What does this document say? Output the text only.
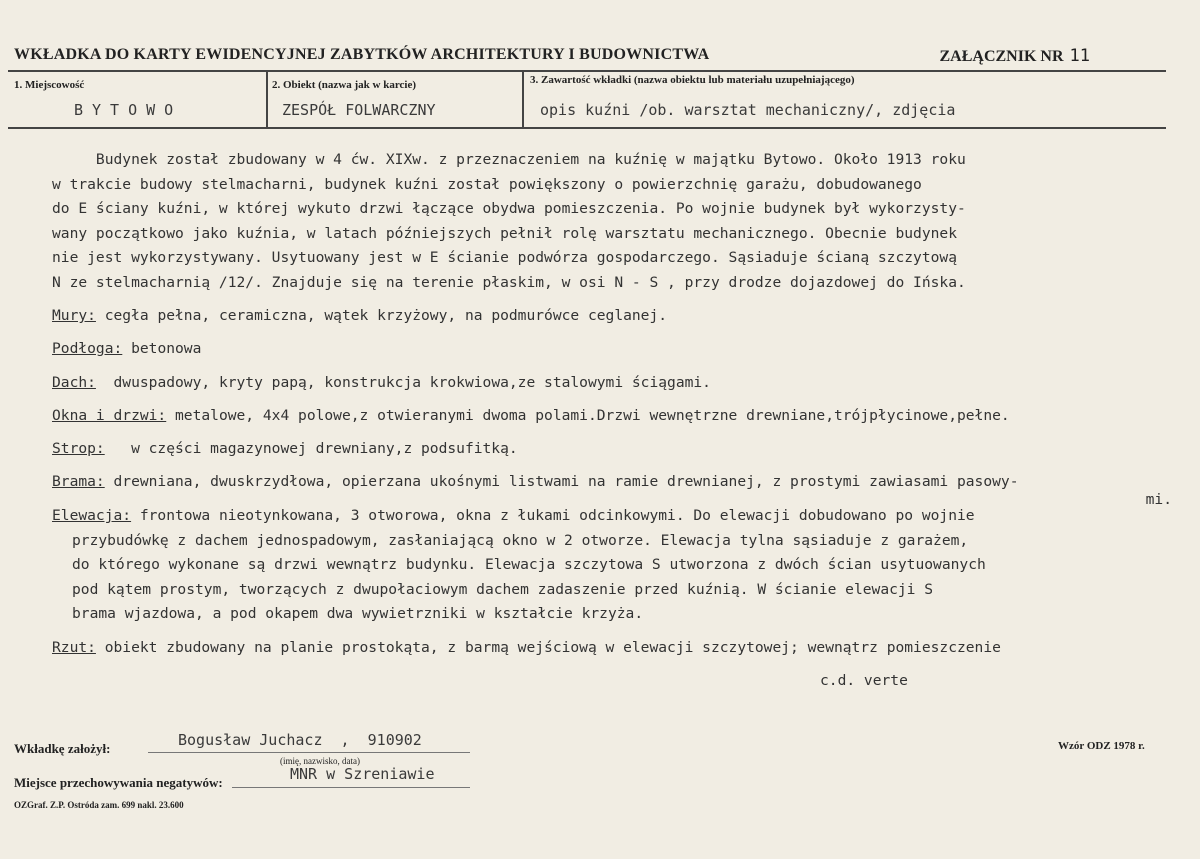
WKŁADKA DO KARTY EWIDENCYJNEJ ZABYTKÓW ARCHITEKTURY I BUDOWNICTWA	ZAŁĄCZNIK NR 11
1. Miejscowość
BYTOWO
2. Obiekt (nazwa jak w karcie)
ZESPÓŁ FOLWARCZNY
3. Zawartość wkładki (nazwa obiektu lub materiału uzupełniającego)
opis kuźni /ob. warsztat mechaniczny/, zdjęcia
Budynek został zbudowany w 4 ćw. XIXw. z przeznaczeniem na kuźnię w majątku Bytowo. Około 1913 roku
w trakcie budowy stelmacharni, budynek kuźni został powiększony o powierzchnię garażu, dobudowanego
do E ściany kuźni, w której wykuto drzwi łączące obydwa pomieszczenia. Po wojnie budynek był wykorzysty-
wany początkowo jako kuźnia, w latach późniejszych pełnił rolę warsztatu mechanicznego. Obecnie budynek
nie jest wykorzystywany. Usytuowany jest w E ścianie podwórza gospodarczego. Sąsiaduje ścianą szczytową
N ze stelmacharnią /12/. Znajduje się na terenie płaskim, w osi N - S , przy drodze dojazdowej do Ińska.
Mury: cegła pełna, ceramiczna, wątek krzyżowy, na podmurówce ceglanej.
Podłoga: betonowa
Dach:  dwuspadowy, kryty papą, konstrukcja krokwiowa,ze stalowymi ściągami.
Okna i drzwi: metalowe, 4x4 polowe,z otwieranymi dwoma polami.Drzwi wewnętrzne drewniane,trójpłycinowe,pełne.
Strop:   w części magazynowej drewniany,z podsufitką.
Brama: drewniana, dwuskrzydłowa, opierzana ukośnymi listwami na ramie drewnianej, z prostymi zawiasami pasowy-
mi.
Elewacja: frontowa nieotynkowana, 3 otworowa, okna z łukami odcinkowymi. Do elewacji dobudowano po wojnie
przybudówkę z dachem jednospadowym, zasłaniającą okno w 2 otworze. Elewacja tylna sąsiaduje z garażem,
do którego wykonane są drzwi wewnątrz budynku. Elewacja szczytowa S utworzona z dwóch ścian usytuowanych
pod kątem prostym, tworzących z dwupołaciowym dachem zadaszenie przed kuźnią. W ścianie elewacji S
brama wjazdowa, a pod okapem dwa wywietrzniki w kształcie krzyża.
Rzut: obiekt zbudowany na planie prostokąta, z barmą wejściową w elewacji szczytowej; wewnątrz pomieszczenie
c.d. verte
Wkładkę założył:	Bogusław Juchacz  ,  910902
(imię, nazwisko, data)
Miejsce przechowywania negatywów:	MNR w Szreniawie
Wzór ODZ 1978 r.
OZGraf. Z.P. Ostróda zam. 699 nakl. 23.600
